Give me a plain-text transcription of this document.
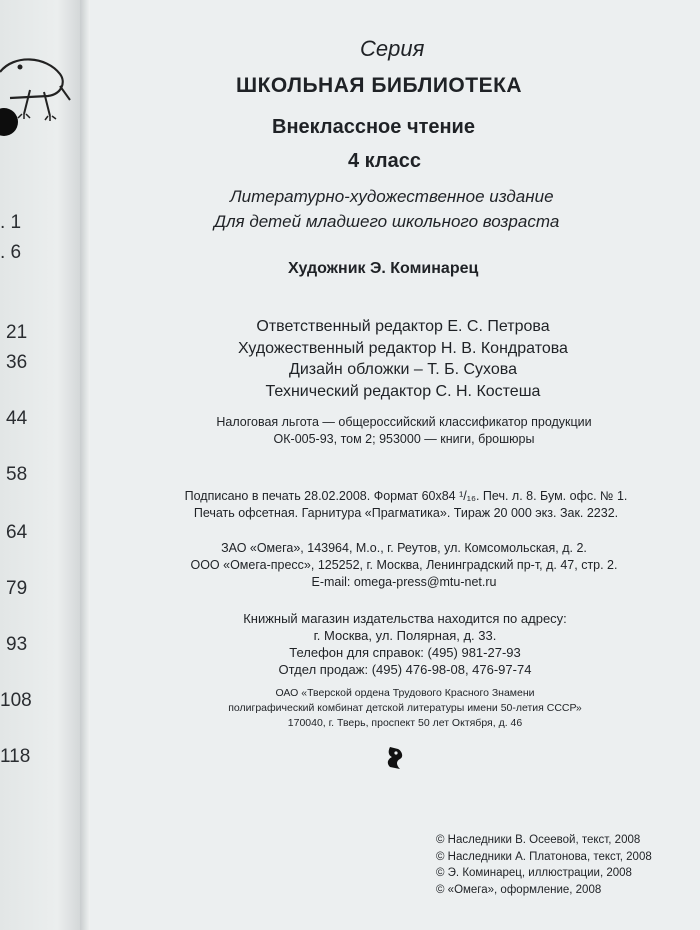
. 1
. 6
21
36
44
58
64
79
93
108
118
Серия
ШКОЛЬНАЯ БИБЛИОТЕКА
Внеклассное чтение
4 класс
Литературно-художественное издание
Для детей младшего школьного возраста
Художник Э. Коминарец
Ответственный редактор Е. С. Петрова
Художественный редактор Н. В. Кондратова
Дизайн обложки – Т. Б. Сухова
Технический редактор С. Н. Костеша
Налоговая льгота — общероссийский классификатор продукции
ОК-005-93, том 2; 953000 — книги, брошюры
Подписано в печать 28.02.2008. Формат 60x84 ¹/₁₆. Печ. л. 8. Бум. офс. № 1.
Печать офсетная. Гарнитура «Прагматика». Тираж 20 000 экз. Зак. 2232.
ЗАО «Омега», 143964, М.о., г. Реутов, ул. Комсомольская, д. 2.
ООО «Омега-пресс», 125252, г. Москва, Ленинградский пр-т, д. 47, стр. 2.
E-mail: omega-press@mtu-net.ru
Книжный магазин издательства находится по адресу:
г. Москва, ул. Полярная, д. 33.
Телефон для справок: (495) 981-27-93
Отдел продаж: (495) 476-98-08, 476-97-74
ОАО «Тверской ордена Трудового Красного Знамени
полиграфический комбинат детской литературы имени 50-летия СССР»
170040, г. Тверь, проспект 50 лет Октября, д. 46
© Наследники В. Осеевой, текст, 2008
© Наследники А. Платонова, текст, 2008
© Э. Коминарец, иллюстрации, 2008
© «Омега», оформление, 2008
